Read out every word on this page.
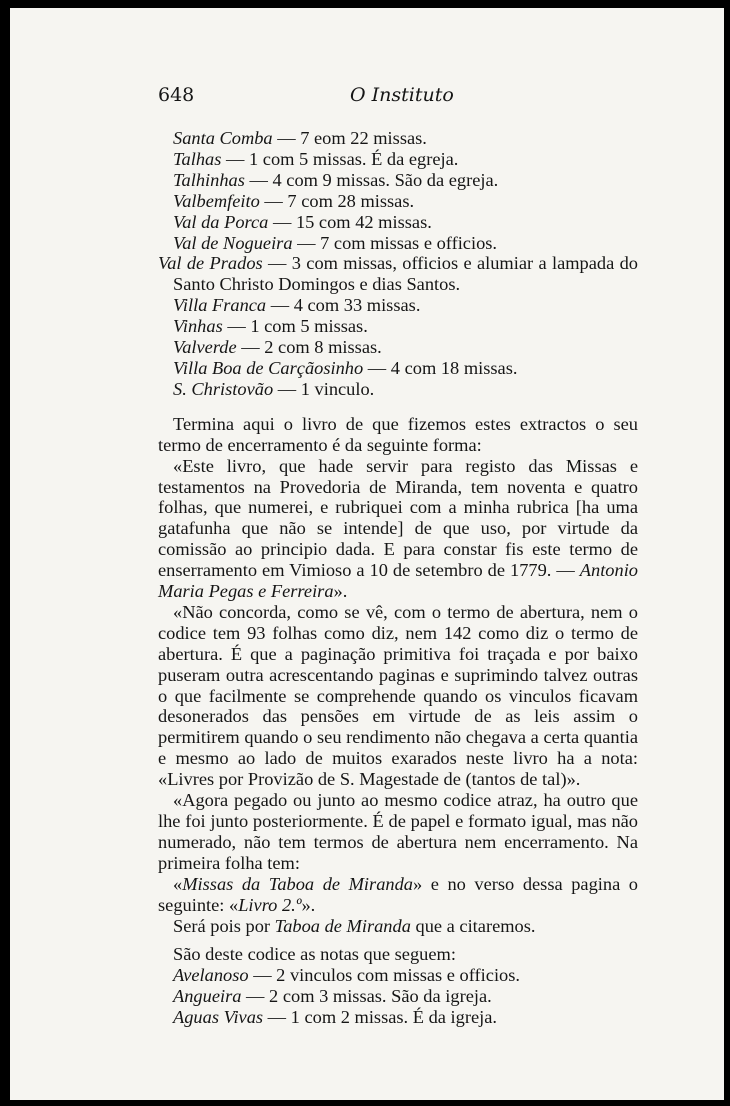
648	O Instituto

Santa Comba — 7 eom 22 missas.

Talhas — 1 com 5 missas. É da egreja.

Talhinhas — 4 com 9 missas. São da egreja.

Valbemfeito — 7 com 28 missas.

Val da Porca — 15 com 42 missas.

Val de Nogueira — 7 com missas e officios.

Val de Prados — 3 com missas, officios e alumiar a lampada do Santo Christo Domingos e dias Santos.

Villa Franca — 4 com 33 missas.

Vinhas — 1 com 5 missas.

Valverde — 2 com 8 missas.

Villa Boa de Carçãosinho — 4 com 18 missas.

S. Christovão — 1 vinculo.

Termina aqui o livro de que fizemos estes extractos o seu termo de encerramento é da seguinte forma:

«Este livro, que hade servir para registo das Missas e testamentos na Provedoria de Miranda, tem noventa e quatro folhas, que numerei, e rubriquei com a minha rubrica [ha uma gatafunha que não se intende] de que uso, por virtude da comissão ao principio dada. E para constar fis este termo de enserramento em Vimioso a 10 de setembro de 1779. — Antonio Maria Pegas e Ferreira».

«Não concorda, como se vê, com o termo de abertura, nem o codice tem 93 folhas como diz, nem 142 como diz o termo de abertura. É que a paginação primitiva foi traçada e por baixo puseram outra acrescentando paginas e suprimindo talvez outras o que facilmente se comprehende quando os vinculos ficavam desonerados das pensões em virtude de as leis assim o permitirem quando o seu rendimento não chegava a certa quantia e mesmo ao lado de muitos exarados neste livro ha a nota: «Livres por Provizão de S. Magestade de (tantos de tal)».

«Agora pegado ou junto ao mesmo codice atraz, ha outro que lhe foi junto posteriormente. É de papel e formato igual, mas não numerado, não tem termos de abertura nem encerramento. Na primeira folha tem:

«Missas da Taboa de Miranda» e no verso dessa pagina o seguinte: «Livro 2.º».

Será pois por Taboa de Miranda que a citaremos.

São deste codice as notas que seguem:

Avelanoso — 2 vinculos com missas e officios.

Angueira — 2 com 3 missas. São da igreja.

Aguas Vivas — 1 com 2 missas. É da igreja.
